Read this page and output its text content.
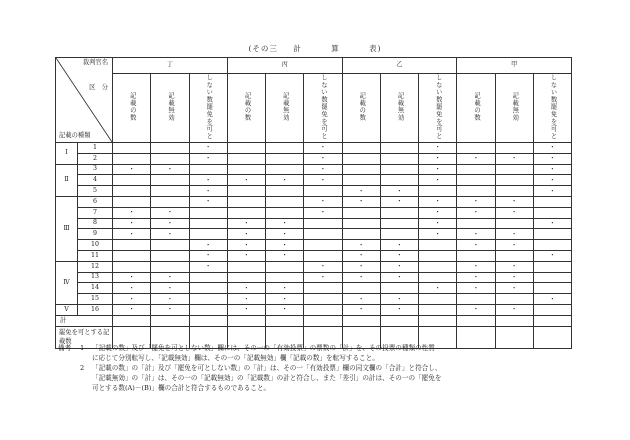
(その三 計	算	表)
裁判官名
区　分
記載の種類		丁			丙			乙			甲		
		記載の数	記載無効	しない数罷免を可と	記載の数	記載無効	しない数罷免を可と	記載の数	記載無効	しない数罷免を可と	記載の数	記載無効	しない数罷免を可と
Ⅰ	1			・			・			・			・
	2			・			・			・	・	・	・
Ⅱ	3	・	・				・			・			・
	4			・	・	・	・			・			・
	5			・				・	・				・
Ⅲ	6			・			・	・	・	・	・	・	
	7	・	・				・			・	・	・	
	8	・	・		・	・				・			・
	9	・	・		・	・				・	・	・	
	10			・	・	・		・	・		・	・	
	11			・	・	・		・	・				・
Ⅳ	12			・			・	・	・		・	・	
	13	・	・				・	・	・		・	・	
	14	・	・		・	・				・	・	・	
	15	・	・		・	・		・	・				・
Ⅴ	16	・	・		・	・		・	・		・	・	
計													
罷免を可とする記載数													
備考	1	「記載の数」及び「罷免を可としない数」欄には、その一の「有効投票」の票数の「計」を、その投票の種類の性質
に応じて分別転写し、「記載無効」欄は、その一の「記載無効」欄「記載の数」を転写すること。
2	「記載の数」の「計」及び「罷免を可としない数」の「計」は、その一「有効投票」欄の同文欄の「合計」と符合し、
「記載無効」の「計」は、その一の「記載無効」の「記載数」の計と符合し、また「差引」の計は、その一の「罷免を
可とする数(A)－(B)」欄の合計と符合するものであること。
